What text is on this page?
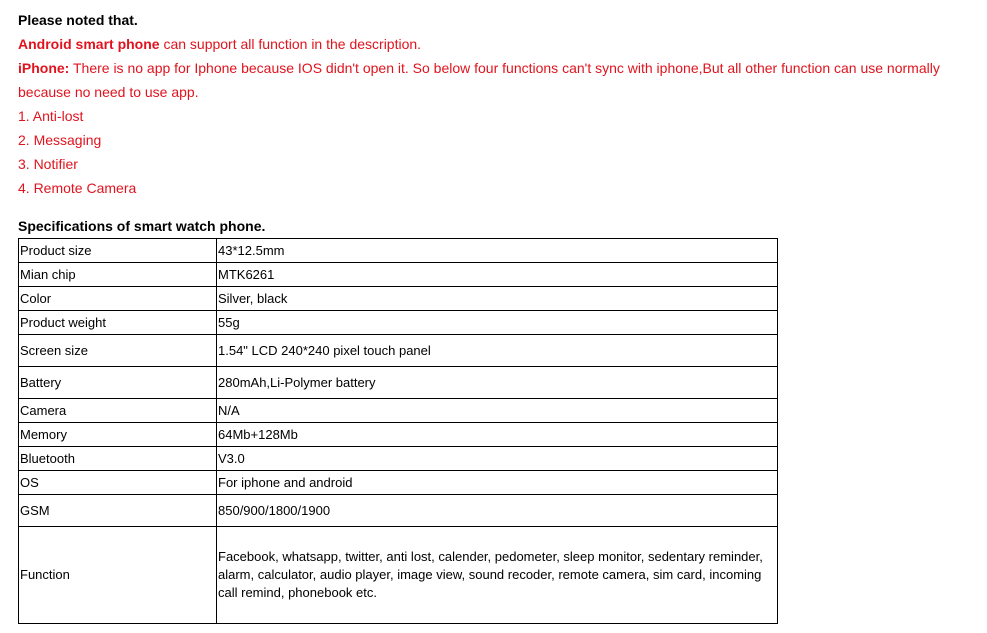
Please noted that.
Android smart phone can support all function in the description.
iPhone: There is no app for Iphone because IOS didn't open it. So below four functions can't sync with iphone,But all other function can use normally because no need to use app.
1. Anti-lost
2. Messaging
3. Notifier
4. Remote Camera
Specifications of smart watch phone.
Product size	43*12.5mm
Mian chip	MTK6261
Color	Silver, black
Product weight	55g
Screen size	1.54" LCD 240*240 pixel touch panel
Battery	280mAh,Li-Polymer battery
Camera	N/A
Memory	64Mb+128Mb
Bluetooth	V3.0
OS	For iphone and android
GSM	850/900/1800/1900
Function	Facebook, whatsapp, twitter, anti lost, calender, pedometer, sleep monitor, sedentary reminder, alarm, calculator, audio player, image view, sound recoder, remote camera, sim card, incoming call remind, phonebook etc.
